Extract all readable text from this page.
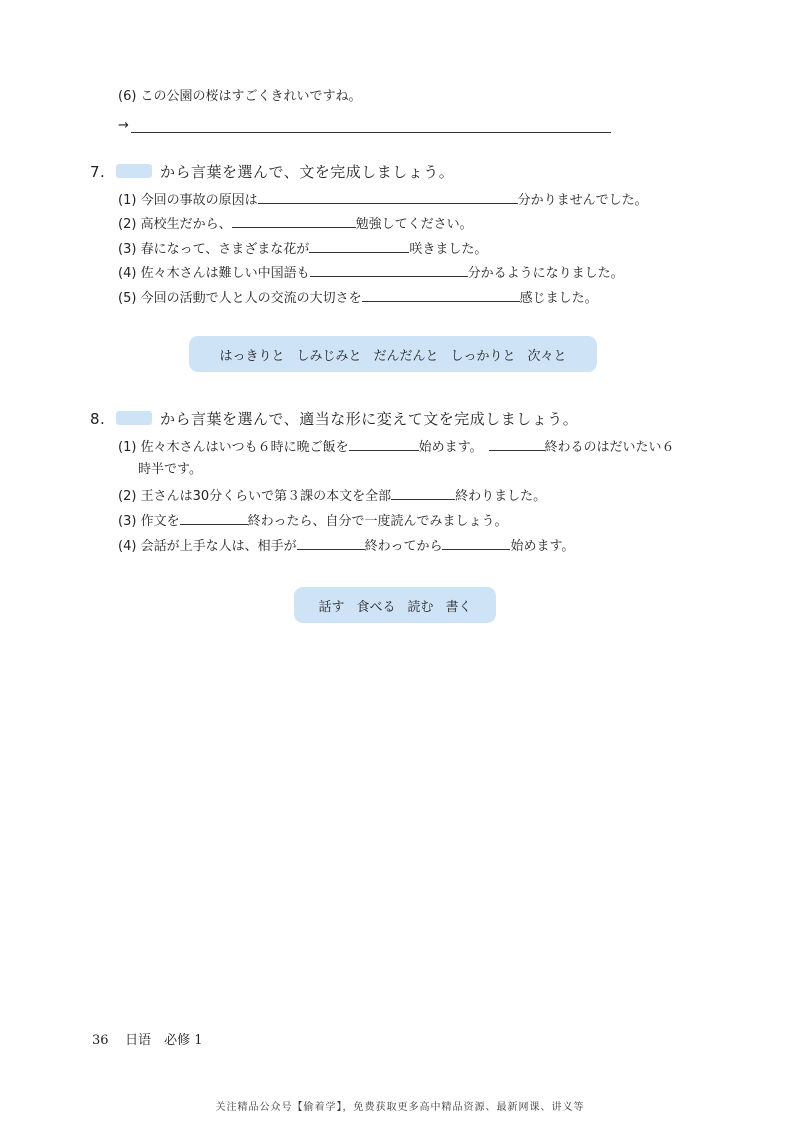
(6) この公園の桜はすごくきれいですね。
→
7.	から言葉を選んで、文を完成しましょう。
(1) 今回の事故の原因は	分かりませんでした。
(2) 高校生だから、	勉強してください。
(3) 春になって、さまざまな花が	咲きました。
(4) 佐々木さんは難しい中国語も	分かるようになりました。
(5) 今回の活動で人と人の交流の大切さを	感じました。
はっきりと しみじみと だんだんと しっかりと 次々と
8.	から言葉を選んで、適当な形に変えて文を完成しましょう。
(1) 佐々木さんはいつも６時に晩ご飯を	始めます。	終わるのはだいたい６
時半です。
(2) 王さんは30分くらいで第３課の本文を全部	終わりました。
(3) 作文を	終わったら、自分で一度読んでみましょう。
(4) 会話が上手な人は、相手が	終わってから	始めます。
話す 食べる 読む 書く
36 日语　必修 1
关注精品公众号【偷着学】，免费获取更多高中精品资源、最新网课、讲义等
